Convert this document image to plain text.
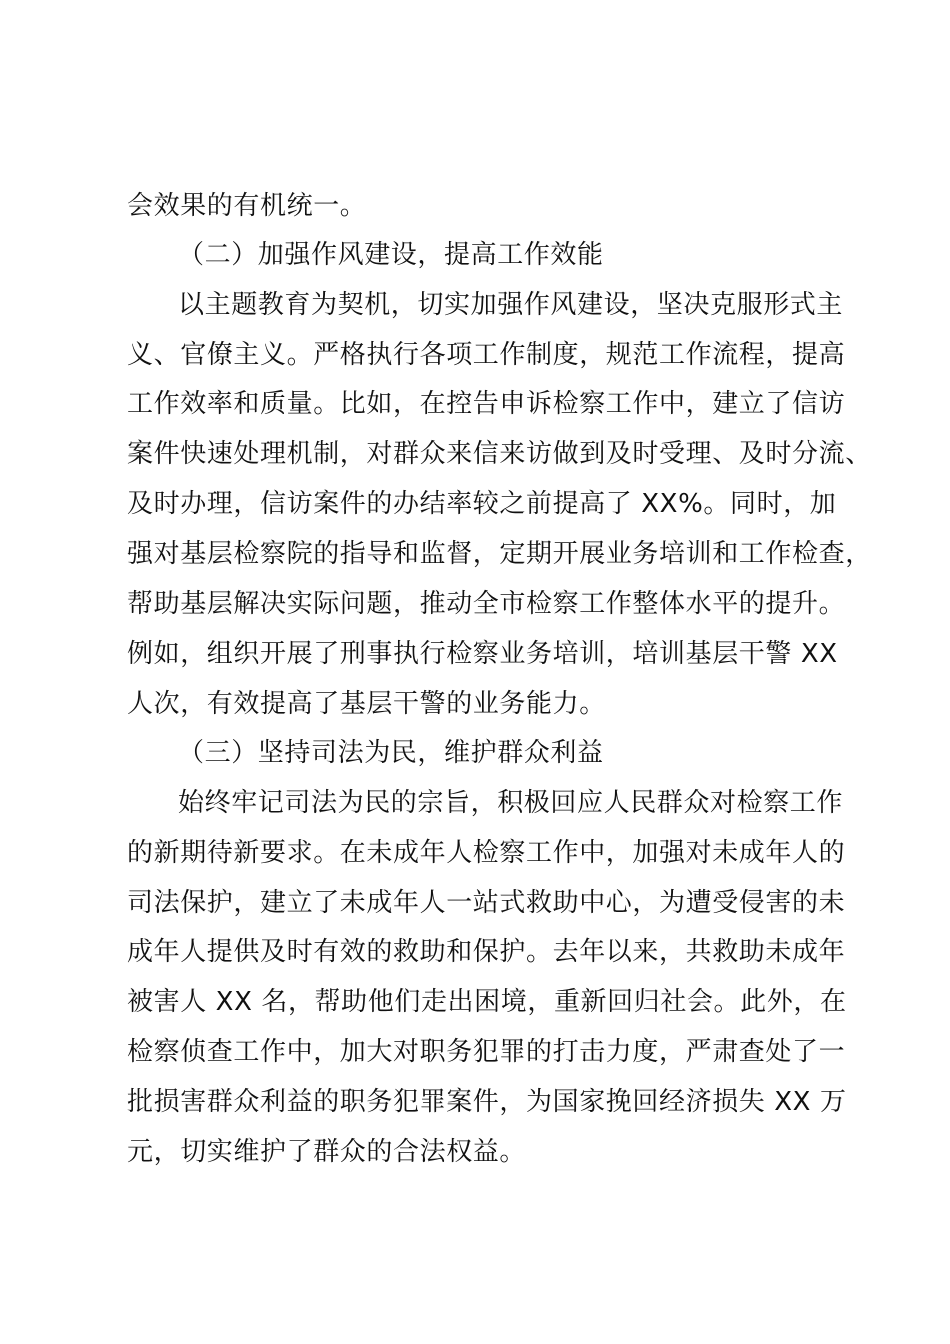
会效果的有机统一。
（二）加强作风建设，提高工作效能
以主题教育为契机，切实加强作风建设，坚决克服形式主
义、官僚主义。严格执行各项工作制度，规范工作流程，提高
工作效率和质量。比如，在控告申诉检察工作中，建立了信访
案件快速处理机制，对群众来信来访做到及时受理、及时分流、
及时办理，信访案件的办结率较之前提高了 XX%。同时，加
强对基层检察院的指导和监督，定期开展业务培训和工作检查，
帮助基层解决实际问题，推动全市检察工作整体水平的提升。
例如，组织开展了刑事执行检察业务培训，培训基层干警 XX
人次，有效提高了基层干警的业务能力。
（三）坚持司法为民，维护群众利益
始终牢记司法为民的宗旨，积极回应人民群众对检察工作
的新期待新要求。在未成年人检察工作中，加强对未成年人的
司法保护，建立了未成年人一站式救助中心，为遭受侵害的未
成年人提供及时有效的救助和保护。去年以来，共救助未成年
被害人 XX 名，帮助他们走出困境，重新回归社会。此外，在
检察侦查工作中，加大对职务犯罪的打击力度，严肃查处了一
批损害群众利益的职务犯罪案件，为国家挽回经济损失 XX 万
元，切实维护了群众的合法权益。
